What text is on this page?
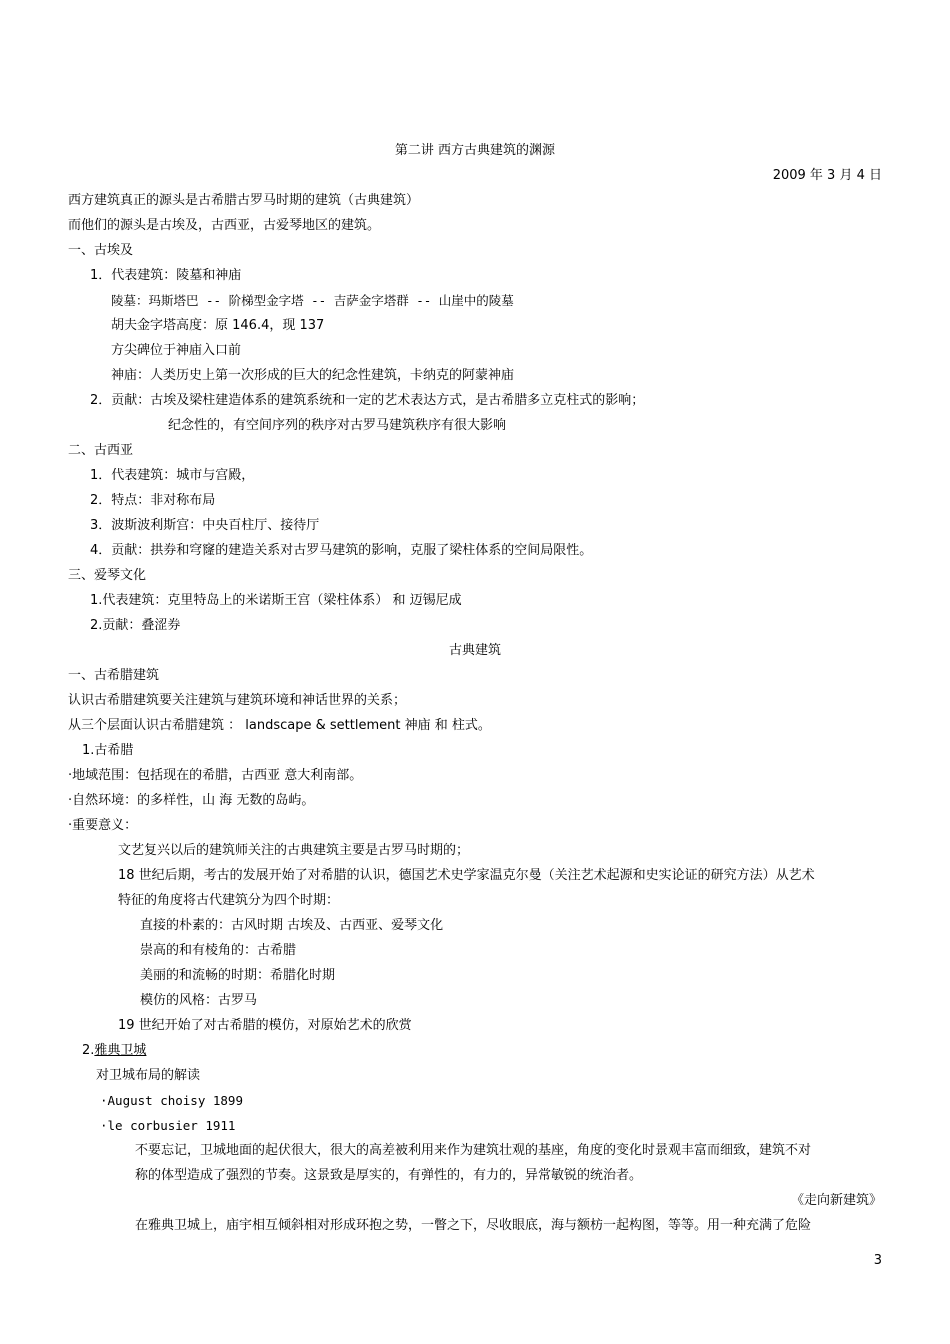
第二讲 西方古典建筑的渊源
2009 年 3 月 4 日
西方建筑真正的源头是古希腊古罗马时期的建筑（古典建筑）
而他们的源头是古埃及，古西亚，古爱琴地区的建筑。
一、古埃及
1．代表建筑：陵墓和神庙
陵墓：玛斯塔巴 -- 阶梯型金字塔 -- 吉萨金字塔群 -- 山崖中的陵墓
胡夫金字塔高度：原 146.4，现 137
方尖碑位于神庙入口前
神庙：人类历史上第一次形成的巨大的纪念性建筑，卡纳克的阿蒙神庙
2．贡献：古埃及梁柱建造体系的建筑系统和一定的艺术表达方式，是古希腊多立克柱式的影响；
纪念性的，有空间序列的秩序对古罗马建筑秩序有很大影响
二、古西亚
1．代表建筑：城市与宫殿，
2．特点：非对称布局
3．波斯波利斯宫：中央百柱厅、接待厅
4．贡献：拱券和穹窿的建造关系对古罗马建筑的影响，克服了梁柱体系的空间局限性。
三、爱琴文化
1.代表建筑：克里特岛上的米诺斯王宫（梁柱体系） 和 迈锡尼成
2.贡献：叠涩券
古典建筑
一、古希腊建筑
认识古希腊建筑要关注建筑与建筑环境和神话世界的关系；
从三个层面认识古希腊建筑 ： landscape & settlement 神庙 和 柱式。
1.古希腊
·地域范围：包括现在的希腊，古西亚 意大利南部。
·自然环境：的多样性，山 海 无数的岛屿。
·重要意义：
文艺复兴以后的建筑师关注的古典建筑主要是古罗马时期的；
18 世纪后期，考古的发展开始了对希腊的认识，德国艺术史学家温克尔曼（关注艺术起源和史实论证的研究方法）从艺术
特征的角度将古代建筑分为四个时期：
直接的朴素的：古风时期 古埃及、古西亚、爱琴文化
崇高的和有棱角的：古希腊
美丽的和流畅的时期：希腊化时期
模仿的风格：古罗马
19 世纪开始了对古希腊的模仿，对原始艺术的欣赏
2.雅典卫城
对卫城布局的解读
·August choisy 1899
·le corbusier 1911
不要忘记，卫城地面的起伏很大，很大的高差被利用来作为建筑壮观的基座，角度的变化时景观丰富而细致，建筑不对
称的体型造成了强烈的节奏。这景致是厚实的，有弹性的，有力的，异常敏锐的统治者。
《走向新建筑》
在雅典卫城上，庙宇相互倾斜相对形成环抱之势，一瞥之下，尽收眼底，海与额枋一起构图，等等。用一种充满了危险
3
